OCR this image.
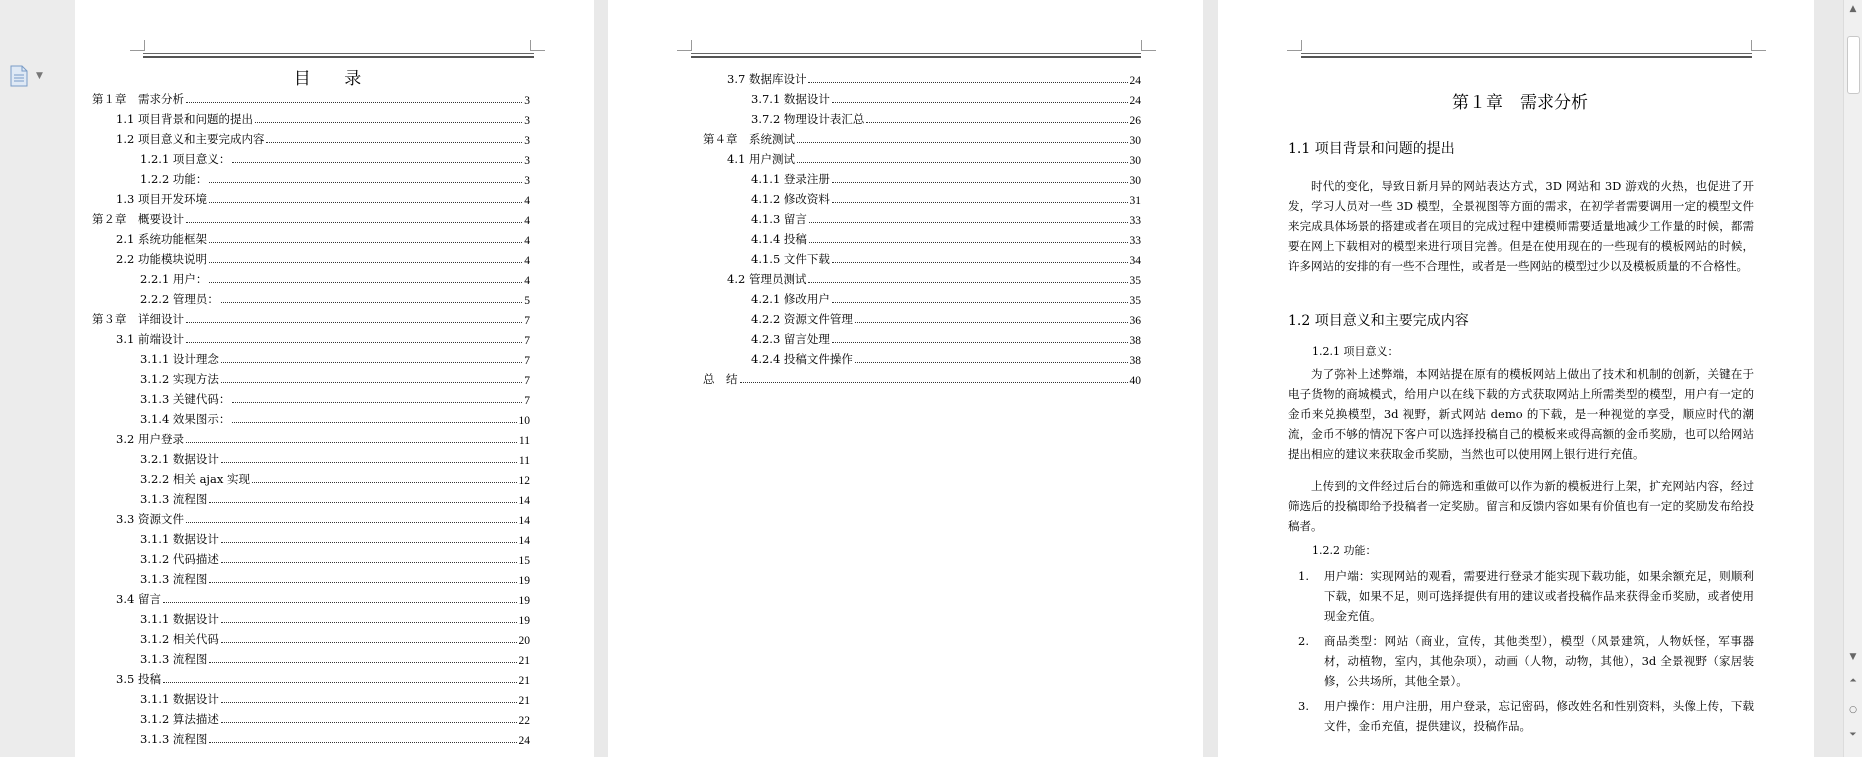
▼	目 录
第１章　需求分析	3
1.1 项目背景和问题的提出	3
1.2 项目意义和主要完成内容	3
1.2.1 项目意义：	3
1.2.2 功能：	3
1.3 项目开发环境	4
第２章　概要设计	4
2.1 系统功能框架	4
2.2 功能模块说明	4
2.2.1 用户：	4
2.2.2 管理员：	5
第３章　详细设计	7
3.1 前端设计	7
3.1.1 设计理念	7
3.1.2 实现方法	7
3.1.3 关键代码：	7
3.1.4 效果图示：	10
3.2 用户登录	11
3.2.1 数据设计	11
3.2.2 相关 ajax 实现	12
3.1.3 流程图	14
3.3 资源文件	14
3.1.1 数据设计	14
3.1.2 代码描述	15
3.1.3 流程图	19
3.4 留言	19
3.1.1 数据设计	19
3.1.2 相关代码	20
3.1.3 流程图	21
3.5 投稿	21
3.1.1 数据设计	21
3.1.2 算法描述	22
3.1.3 流程图	24
3.7 数据库设计	24
3.7.1 数据设计	24
3.7.2 物理设计表汇总	26
第４章　系统测试	30
4.1 用户测试	30
4.1.1 登录注册	30
4.1.2 修改资料	31
4.1.3 留言	33
4.1.4 投稿	33
4.1.5 文件下载	34
4.2 管理员测试	35
4.2.1 修改用户	35
4.2.2 资源文件管理	36
4.2.3 留言处理	38
4.2.4 投稿文件操作	38
总　结	40
第１章　需求分析
1.1 项目背景和问题的提出

时代的变化，导致日新月异的网站表达方式，3D 网站和 3D 游戏的火热，也促进了开发，学习人员对一些 3D 模型，全景视图等方面的需求，在初学者需要调用一定的模型文件来完成具体场景的搭建或者在项目的完成过程中建模师需要适量地减少工作量的时候，都需要在网上下载相对的模型来进行项目完善。但是在使用现在的一些现有的模板网站的时候，许多网站的安排的有一些不合理性，或者是一些网站的模型过少以及模板质量的不合格性。

1.2 项目意义和主要完成内容
1.2.1 项目意义：

为了弥补上述弊端，本网站提在原有的模板网站上做出了技术和机制的创新，关键在于电子货物的商城模式，给用户以在线下载的方式获取网站上所需类型的模型，用户有一定的金币来兑换模型，3d 视野，新式网站 demo 的下载，是一种视觉的享受，顺应时代的潮流，金币不够的情况下客户可以选择投稿自己的模板来或得高额的金币奖励，也可以给网站提出相应的建议来获取金币奖励，当然也可以使用网上银行进行充值。

上传到的文件经过后台的筛选和重做可以作为新的模板进行上架，扩充网站内容，经过筛选后的投稿即给予投稿者一定奖励。留言和反馈内容如果有价值也有一定的奖励发布给投稿者。

1.2.2 功能：
1. 用户端：实现网站的观看，需要进行登录才能实现下载功能，如果余额充足，则顺利下载，如果不足，则可选择提供有用的建议或者投稿作品来获得金币奖励，或者使用现金充值。
2. 商品类型：网站（商业，宣传，其他类型），模型（风景建筑，人物妖怪，军事器材，动植物，室内，其他杂项），动画（人物，动物，其他），3d 全景视野（家居装修，公共场所，其他全景）。
3. 用户操作：用户注册，用户登录，忘记密码，修改姓名和性别资料，头像上传，下载文件，金币充值，提供建议，投稿作品。
▲
▼
⏶
○
⏷
